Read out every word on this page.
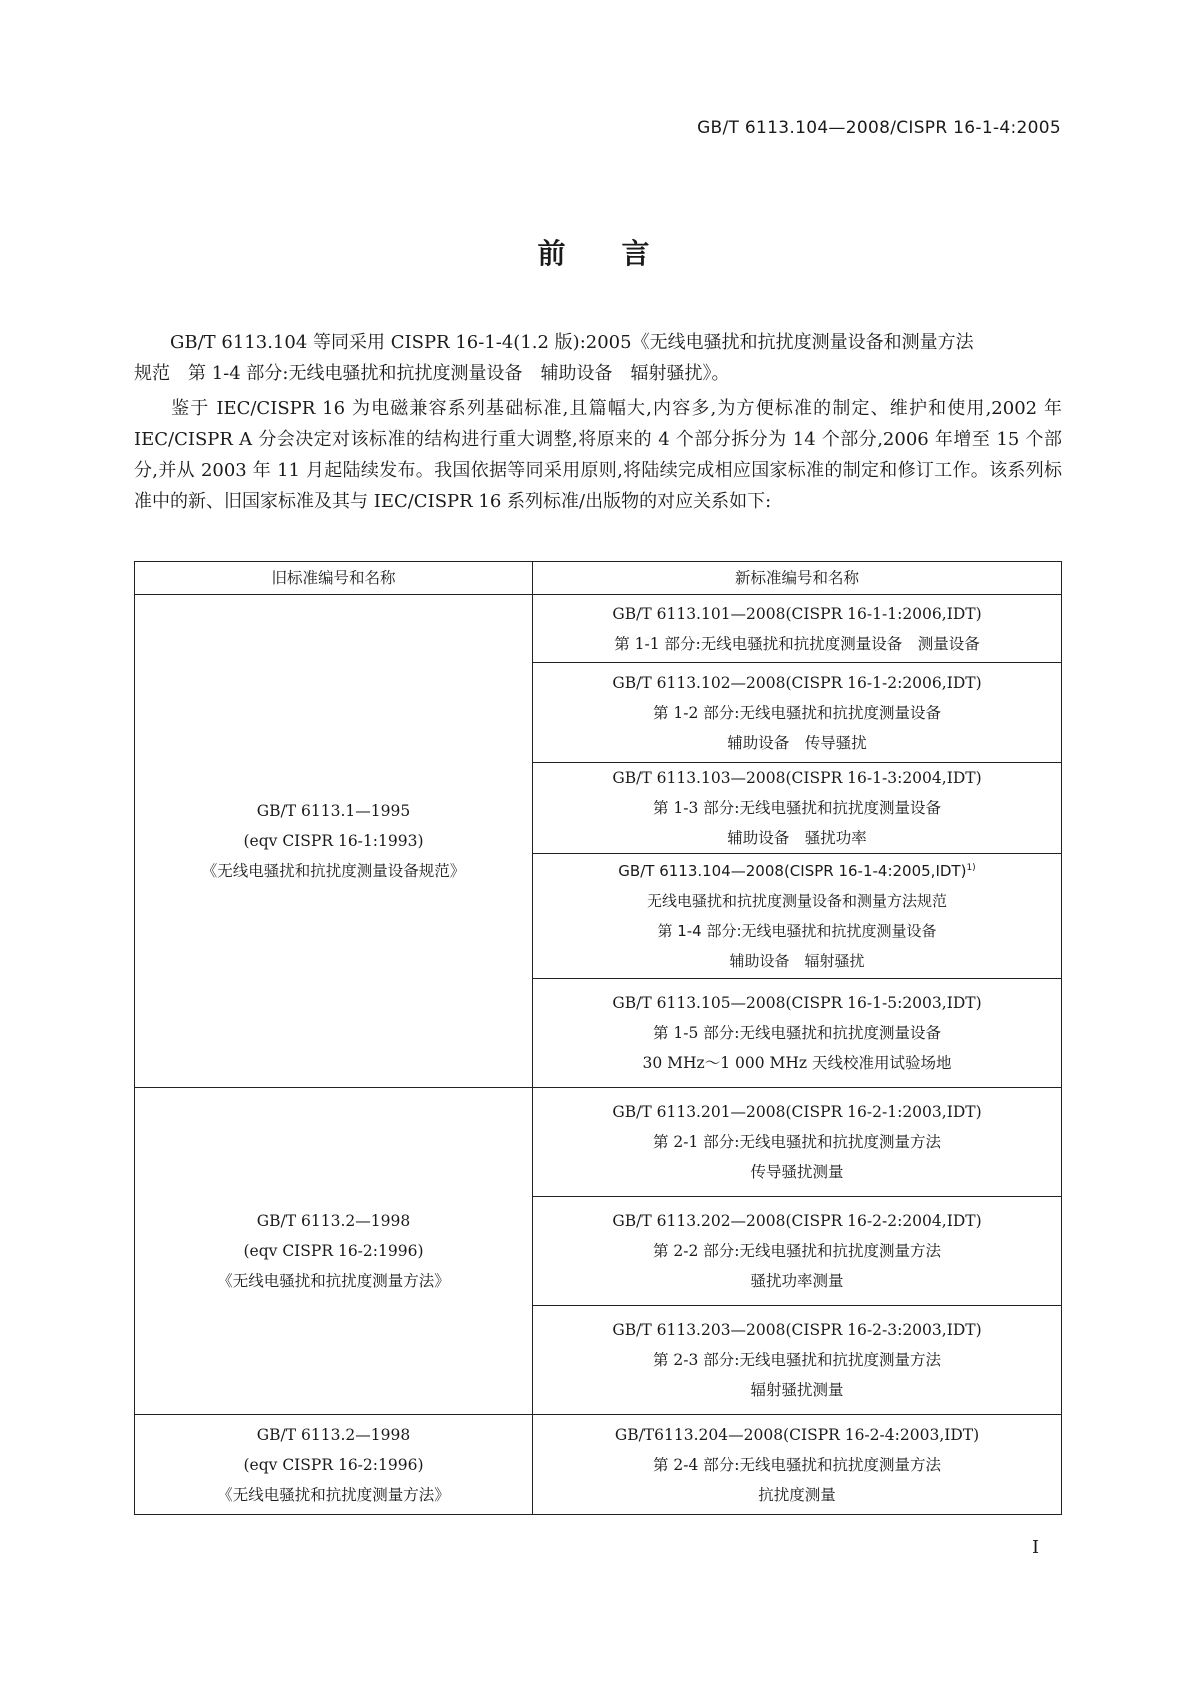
GB/T 6113.104—2008/CISPR 16-1-4:2005
前 言
GB/T 6113.104 等同采用 CISPR 16-1-4(1.2 版):2005《无线电骚扰和抗扰度测量设备和测量方法
规范 第 1-4 部分:无线电骚扰和抗扰度测量设备 辅助设备 辐射骚扰》。
鉴于 IEC/CISPR 16 为电磁兼容系列基础标准,且篇幅大,内容多,为方便标准的制定、维护和使用,2002 年 IEC/CISPR A 分会决定对该标准的结构进行重大调整,将原来的 4 个部分拆分为 14 个部分,2006 年增至 15 个部分,并从 2003 年 11 月起陆续发布。我国依据等同采用原则,将陆续完成相应国家标准的制定和修订工作。该系列标准中的新、旧国家标准及其与 IEC/CISPR 16 系列标准/出版物的对应关系如下:
旧标准编号和名称	新标准编号和名称

GB/T 6113.1—1995
(eqv CISPR 16-1:1993)
《无线电骚扰和抗扰度测量设备规范》	GB/T 6113.101—2008(CISPR 16-1-1:2006,IDT)
第 1-1 部分:无线电骚扰和抗扰度测量设备　测量设备

	GB/T 6113.102—2008(CISPR 16-1-2:2006,IDT)
第 1-2 部分:无线电骚扰和抗扰度测量设备
辅助设备　传导骚扰

	GB/T 6113.103—2008(CISPR 16-1-3:2004,IDT)
第 1-3 部分:无线电骚扰和抗扰度测量设备
辅助设备　骚扰功率

	GB/T 6113.104—2008(CISPR 16-1-4:2005,IDT)$^{1)}$
无线电骚扰和抗扰度测量设备和测量方法规范
第 1-4 部分:无线电骚扰和抗扰度测量设备
辅助设备　辐射骚扰

	GB/T 6113.105—2008(CISPR 16-1-5:2003,IDT)
第 1-5 部分:无线电骚扰和抗扰度测量设备
30 MHz～1 000 MHz 天线校准用试验场地

GB/T 6113.2—1998
(eqv CISPR 16-2:1996)
《无线电骚扰和抗扰度测量方法》	GB/T 6113.201—2008(CISPR 16-2-1:2003,IDT)
第 2-1 部分:无线电骚扰和抗扰度测量方法
传导骚扰测量

	GB/T 6113.202—2008(CISPR 16-2-2:2004,IDT)
第 2-2 部分:无线电骚扰和抗扰度测量方法
骚扰功率测量

	GB/T 6113.203—2008(CISPR 16-2-3:2003,IDT)
第 2-3 部分:无线电骚扰和抗扰度测量方法
辐射骚扰测量

GB/T 6113.2—1998
(eqv CISPR 16-2:1996)
《无线电骚扰和抗扰度测量方法》	GB/T6113.204—2008(CISPR 16-2-4:2003,IDT)
第 2-4 部分:无线电骚扰和抗扰度测量方法
抗扰度测量
I
